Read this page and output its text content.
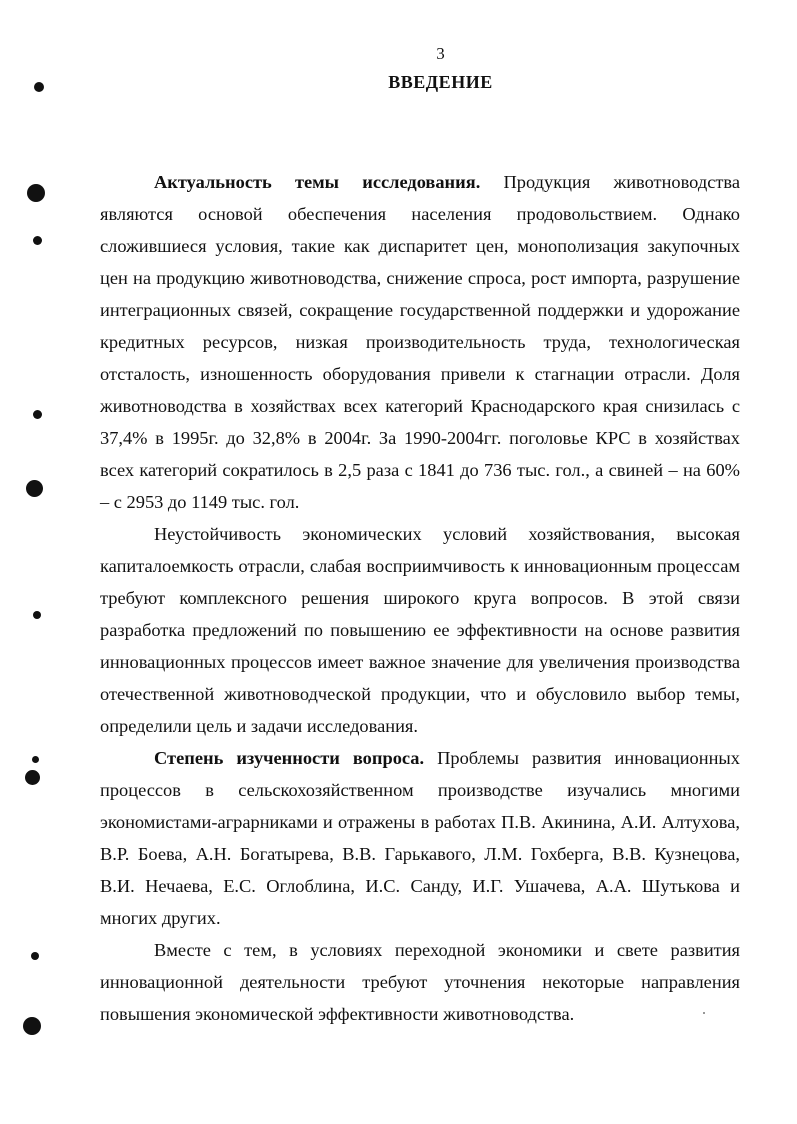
3
ВВЕДЕНИЕ

Актуальность темы исследования. Продукция животноводства являются основой обеспечения населения продовольствием. Однако сложившиеся условия, такие как диспаритет цен, монополизация закупочных цен на продукцию животноводства, снижение спроса, рост импорта, разрушение интеграционных связей, сокращение государственной поддержки и удорожание кредитных ресурсов, низкая производительность труда, технологическая отсталость, изношенность оборудования привели к стагнации отрасли. Доля животноводства в хозяйствах всех категорий Краснодарского края снизилась с 37,4% в 1995г. до 32,8% в 2004г. За 1990-2004гг. поголовье КРС в хозяйствах всех категорий сократилось в 2,5 раза с 1841 до 736 тыс. гол., а свиней – на 60% – с 2953 до 1149 тыс. гол.

Неустойчивость экономических условий хозяйствования, высокая капиталоемкость отрасли, слабая восприимчивость к инновационным процессам требуют комплексного решения широкого круга вопросов. В этой связи разработка предложений по повышению ее эффективности на основе развития инновационных процессов имеет важное значение для увеличения производства отечественной животноводческой продукции, что и обусловило выбор темы, определили цель и задачи исследования.

Степень изученности вопроса. Проблемы развития инновационных процессов в сельскохозяйственном производстве изучались многими экономистами-аграрниками и отражены в работах П.В. Акинина, А.И. Алтухова, В.Р. Боева, А.Н. Богатырева, В.В. Гарькавого, Л.М. Гохберга, В.В. Кузнецова, В.И. Нечаева, Е.С. Оглоблина, И.С. Санду, И.Г. Ушачева, А.А. Шутькова и многих других.

Вместе с тем, в условиях переходной экономики и свете развития инновационной деятельности требуют уточнения некоторые направления повышения экономической эффективности животноводства.
